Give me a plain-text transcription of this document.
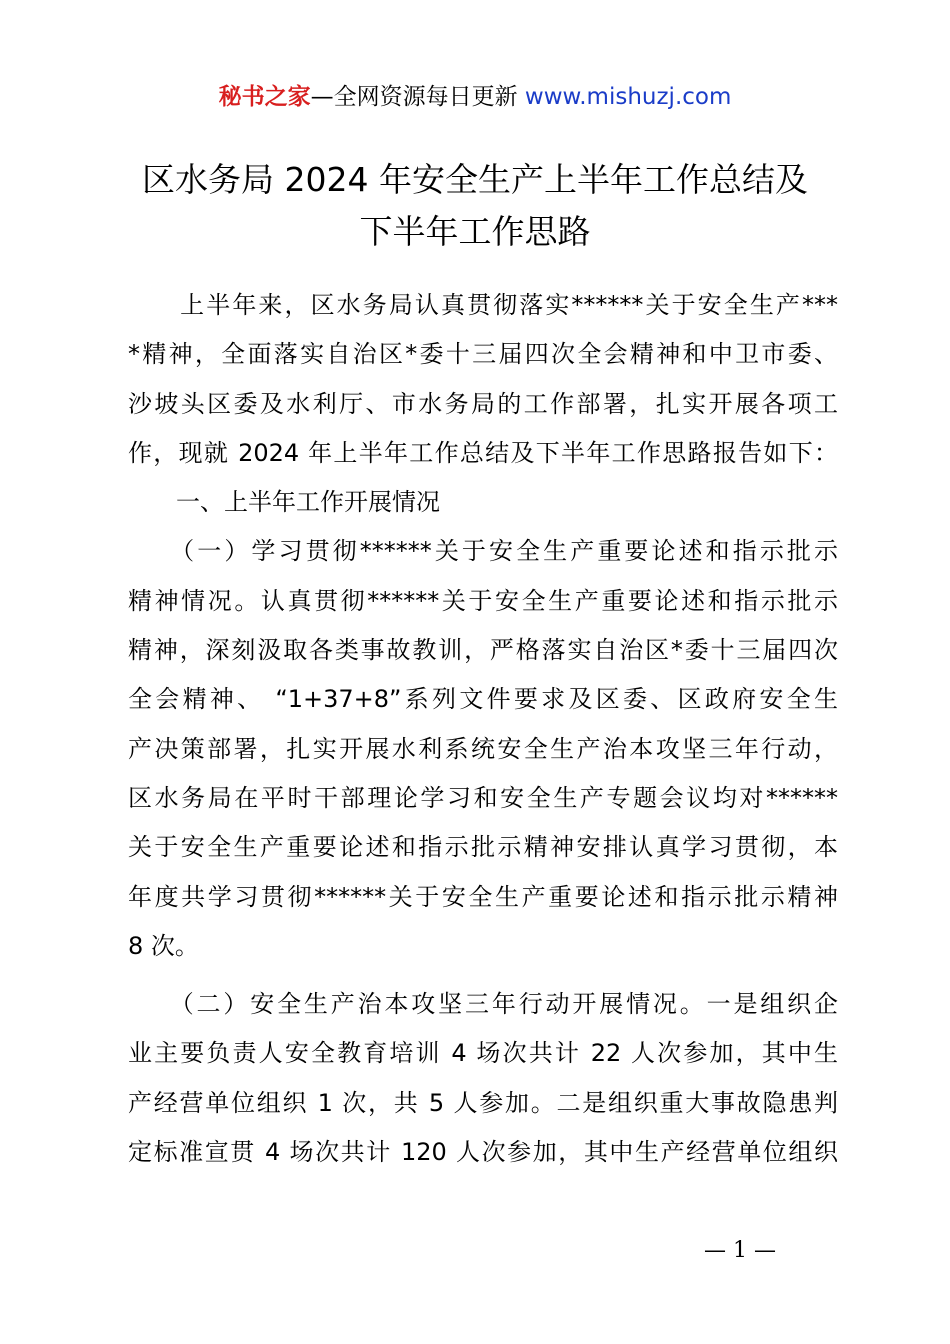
秘书之家—全网资源每日更新 www.mishuzj.com
区水务局 2024 年安全生产上半年工作总结及
下半年工作思路
　　上半年来，区水务局认真贯彻落实******关于安全生产***
*精神，全面落实自治区*委十三届四次全会精神和中卫市委、
沙坡头区委及水利厅、市水务局的工作部署，扎实开展各项工
作，现就 2024 年上半年工作总结及下半年工作思路报告如下：
　　一、上半年工作开展情况
　　（一）学习贯彻******关于安全生产重要论述和指示批示
精神情况。认真贯彻******关于安全生产重要论述和指示批示
精神，深刻汲取各类事故教训，严格落实自治区*委十三届四次
全会精神、 “1+37+8”系列文件要求及区委、区政府安全生
产决策部署，扎实开展水利系统安全生产治本攻坚三年行动，
区水务局在平时干部理论学习和安全生产专题会议均对******
关于安全生产重要论述和指示批示精神安排认真学习贯彻，本
年度共学习贯彻******关于安全生产重要论述和指示批示精神
8 次。
　　（二）安全生产治本攻坚三年行动开展情况。一是组织企
业主要负责人安全教育培训 4 场次共计 22 人次参加，其中生
产经营单位组织 1 次，共 5 人参加。二是组织重大事故隐患判
定标准宣贯 4 场次共计 120 人次参加，其中生产经营单位组织
— 1 —
